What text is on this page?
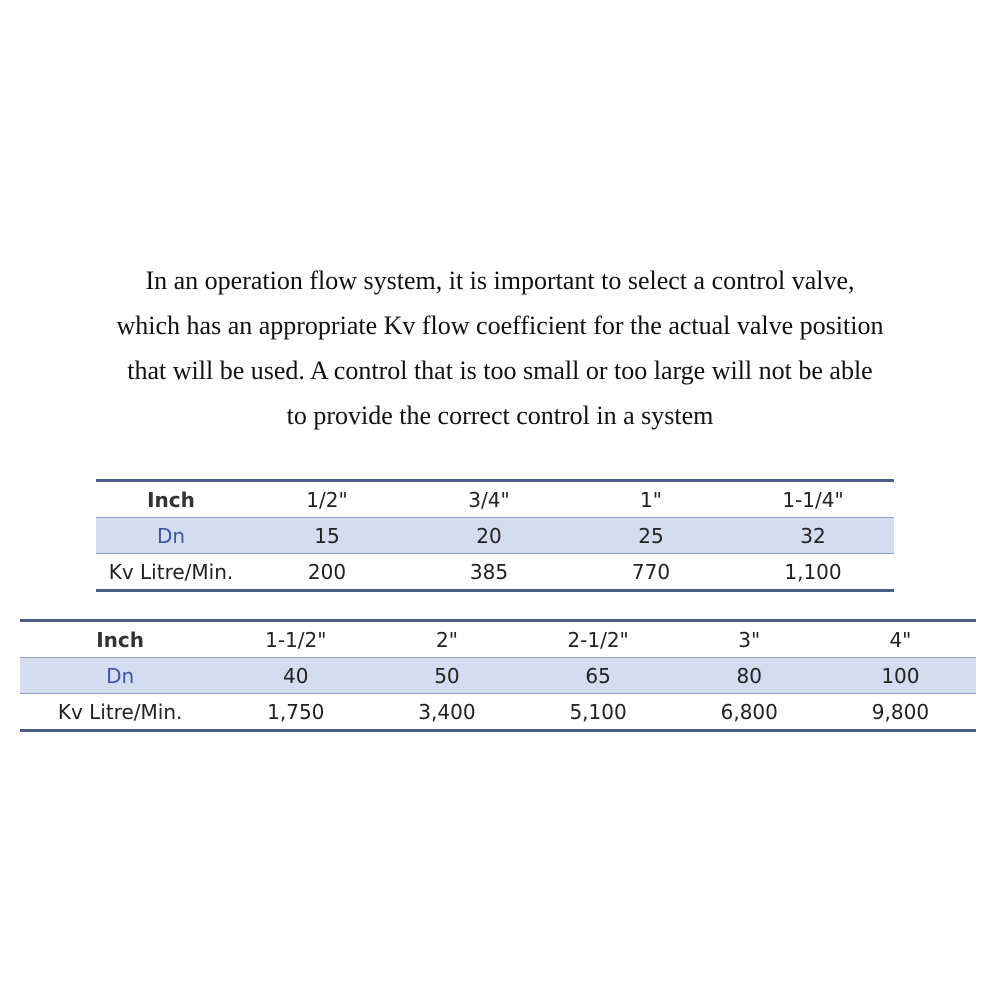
In an operation flow system, it is important to select a control valve,
which has an appropriate Kv flow coefficient for the actual valve position
that will be used. A control that is too small or too large will not be able
to provide the correct control in a system
Inch	1/2"	3/4"	1"	1-1/4"
Dn	15	20	25	32
Kv Litre/Min.	200	385	770	1,100
Inch	1-1/2"	2"	2-1/2"	3"	4"
Dn	40	50	65	80	100
Kv Litre/Min.	1,750	3,400	5,100	6,800	9,800
